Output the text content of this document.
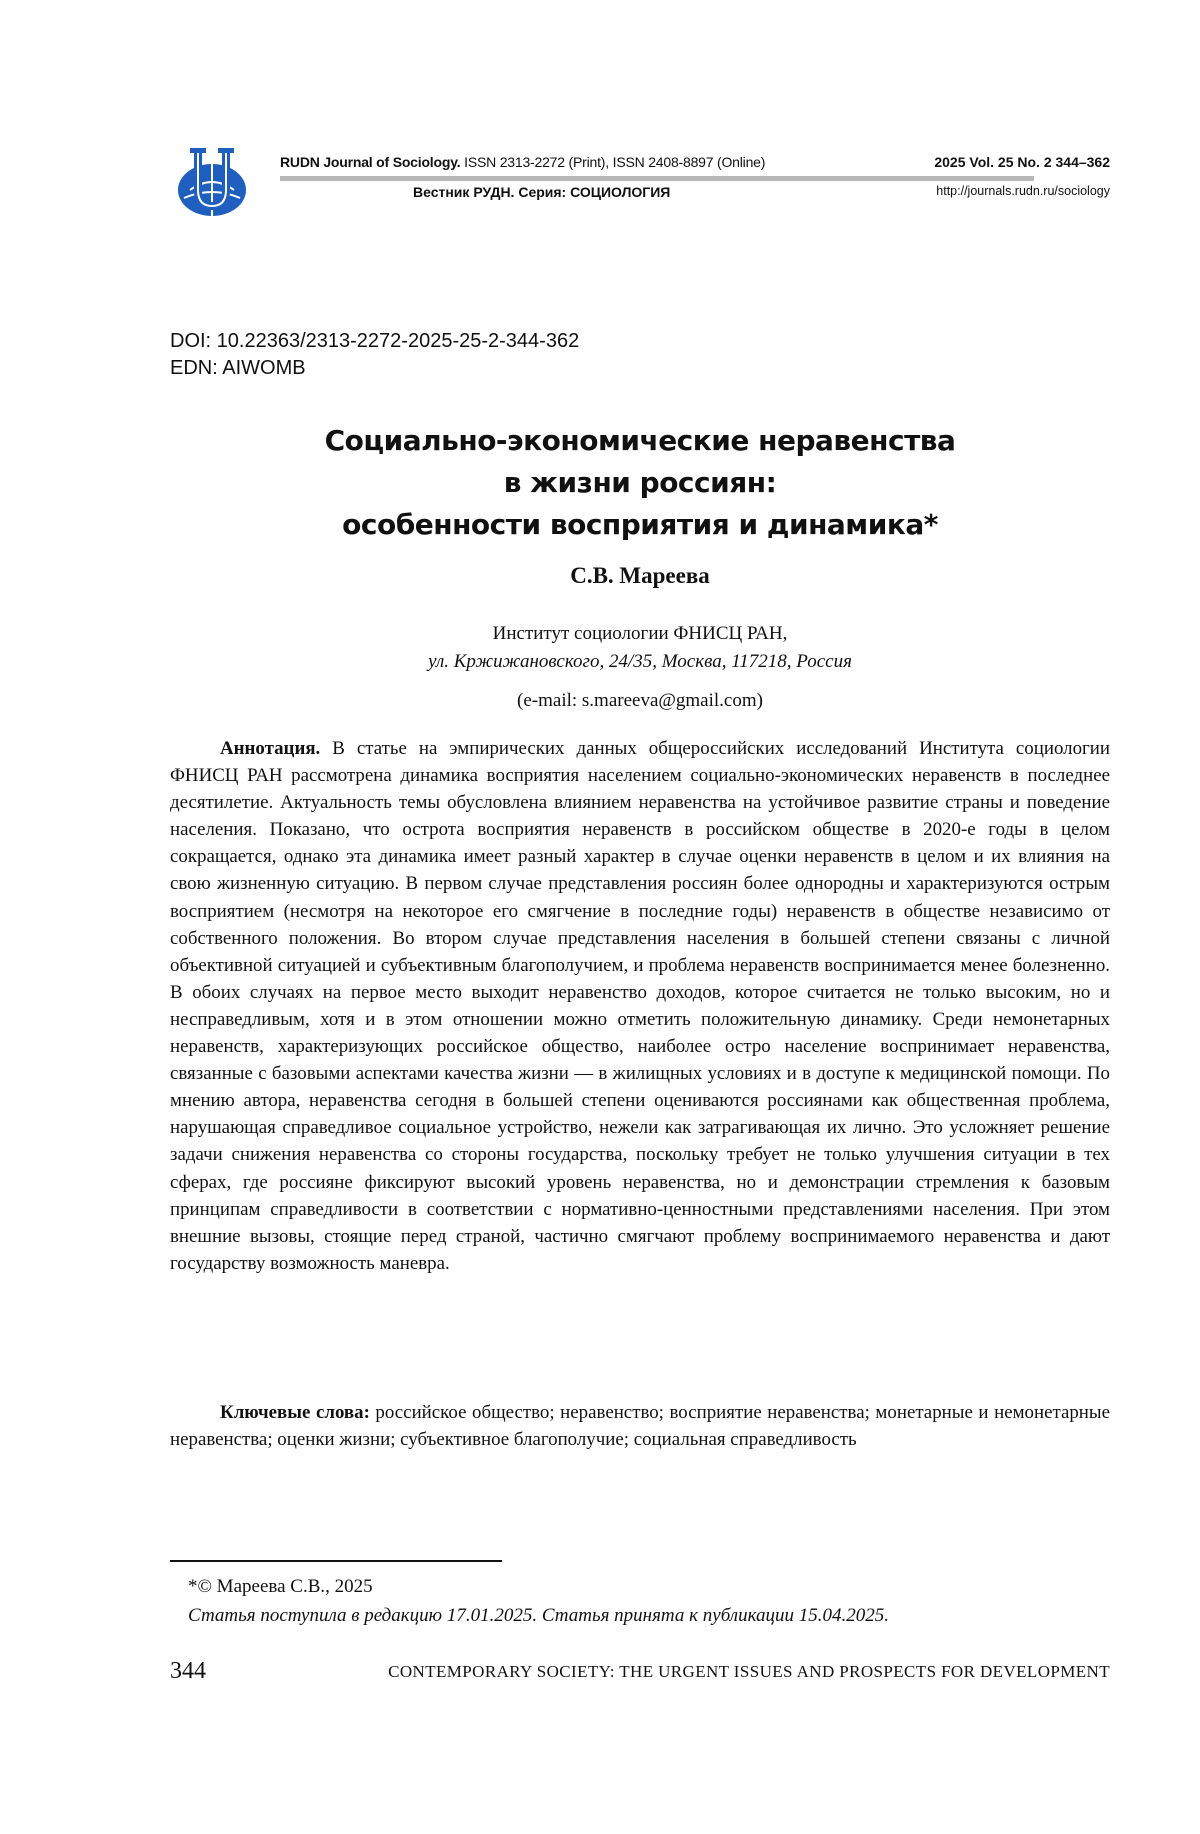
RUDN Journal of Sociology. ISSN 2313-2272 (Print), ISSN 2408-8897 (Online)
Вестник РУДН. Серия: СОЦИОЛОГИЯ
2025 Vol. 25 No. 2 344–362
http://journals.rudn.ru/sociology
DOI: 10.22363/2313-2272-2025-25-2-344-362
EDN: AIWOMB
Социально-экономические неравенства
в жизни россиян:
особенности восприятия и динамика*
С.В. Мареева
Институт социологии ФНИСЦ РАН,
ул. Кржижановского, 24/35, Москва, 117218, Россия
(e-mail: s.mareeva@gmail.com)
Аннотация. В статье на эмпирических данных общероссийских исследований Института социологии ФНИСЦ РАН рассмотрена динамика восприятия населением социально-экономических неравенств в последнее десятилетие. Актуальность темы обусловлена влиянием неравенства на устойчивое развитие страны и поведение населения. Показано, что острота восприятия неравенств в российском обществе в 2020-е годы в целом сокращается, однако эта динамика имеет разный характер в случае оценки неравенств в целом и их влияния на свою жизненную ситуацию. В первом случае представления россиян более однородны и характеризуются острым восприятием (несмотря на некоторое его смягчение в последние годы) неравенств в обществе независимо от собственного положения. Во втором случае представления населения в большей степени связаны с личной объективной ситуацией и субъективным благополучием, и проблема неравенств воспринимается менее болезненно. В обоих случаях на первое место выходит неравенство доходов, которое считается не только высоким, но и несправедливым, хотя и в этом отношении можно отметить положительную динамику. Среди немонетарных неравенств, характеризующих российское общество, наиболее остро население воспринимает неравенства, связанные с базовыми аспектами качества жизни — в жилищных условиях и в доступе к медицинской помощи. По мнению автора, неравенства сегодня в большей степени оцениваются россиянами как общественная проблема, нарушающая справедливое социальное устройство, нежели как затрагивающая их лично. Это усложняет решение задачи снижения неравенства со стороны государства, поскольку требует не только улучшения ситуации в тех сферах, где россияне фиксируют высокий уровень неравенства, но и демонстрации стремления к базовым принципам справедливости в соответствии с нормативно-ценностными представлениями населения. При этом внешние вызовы, стоящие перед страной, частично смягчают проблему воспринимаемого неравенства и дают государству возможность маневра.
Ключевые слова: российское общество; неравенство; восприятие неравенства; монетарные и немонетарные неравенства; оценки жизни; субъективное благополучие; социальная справедливость
*© Мареева С.В., 2025
Статья поступила в редакцию 17.01.2025. Статья принята к публикации 15.04.2025.
344	CONTEMPORARY SOCIETY: THE URGENT ISSUES AND PROSPECTS FOR DEVELOPMENT
